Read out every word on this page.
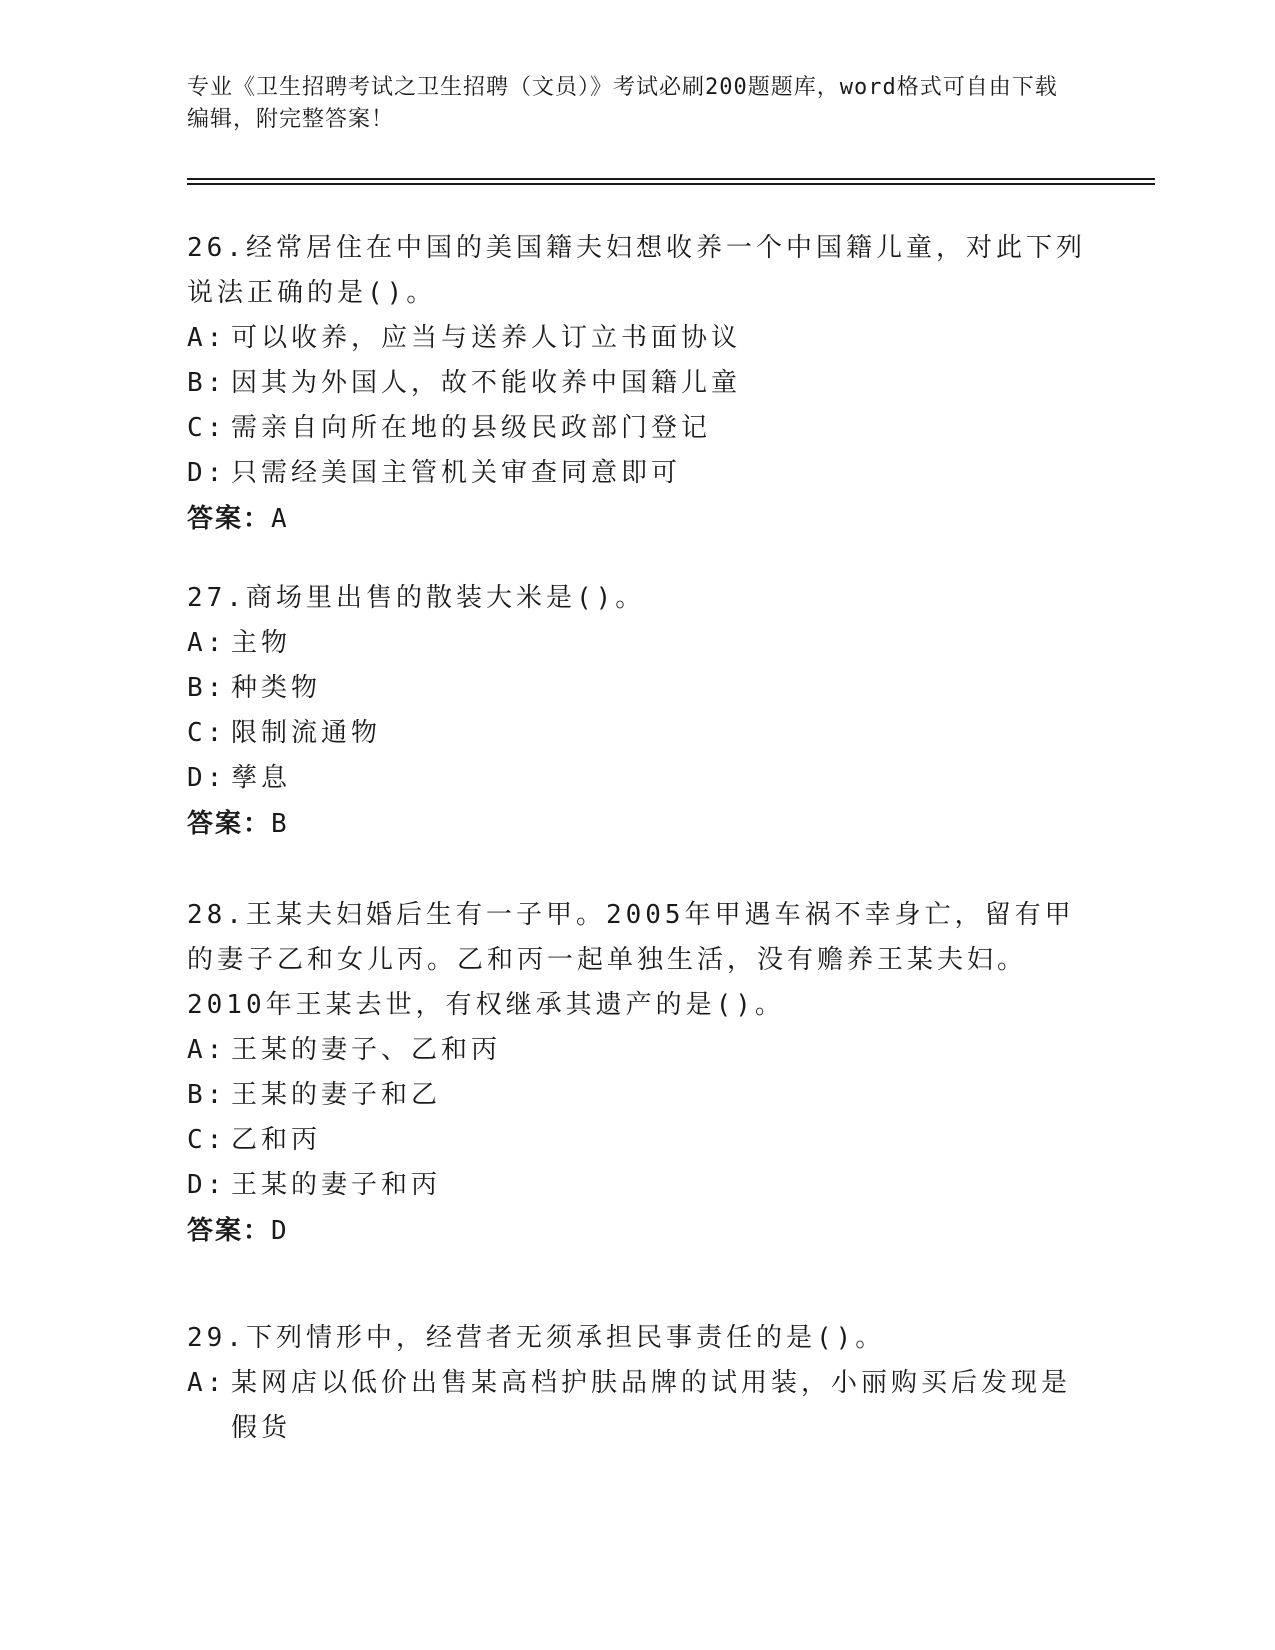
专业《卫生招聘考试之卫生招聘（文员）》考试必刷200题题库，word格式可自由下载编辑，附完整答案！
26.经常居住在中国的美国籍夫妇想收养一个中国籍儿童，对此下列说法正确的是()。
A: 可以收养，应当与送养人订立书面协议
B: 因其为外国人，故不能收养中国籍儿童
C: 需亲自向所在地的县级民政部门登记
D: 只需经美国主管机关审查同意即可
答案：A
27.商场里出售的散装大米是()。
A: 主物
B: 种类物
C: 限制流通物
D: 孳息
答案：B
28.王某夫妇婚后生有一子甲。2005年甲遇车祸不幸身亡，留有甲的妻子乙和女儿丙。乙和丙一起单独生活，没有赡养王某夫妇。2010年王某去世，有权继承其遗产的是()。
A: 王某的妻子、乙和丙
B: 王某的妻子和乙
C: 乙和丙
D: 王某的妻子和丙
答案：D
29.下列情形中，经营者无须承担民事责任的是()。
A: 某网店以低价出售某高档护肤品牌的试用装，小丽购买后发现是假货
